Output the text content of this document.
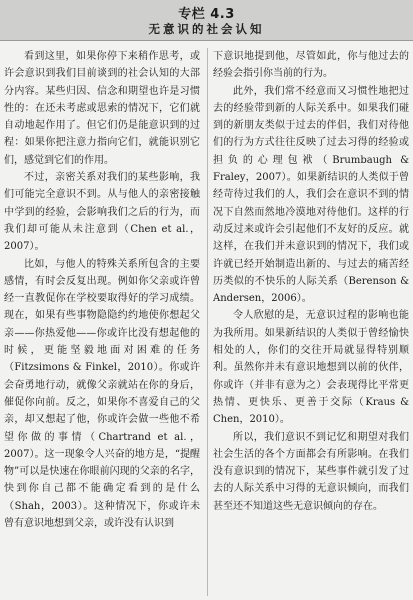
专栏 4.3
无意识的社会认知

看到这里，如果你停下来稍作思考，或许会意识到我们目前谈到的社会认知的大部分内容。某些归因、信念和期望也许是习惯性的：在还未考虑或思索的情况下，它们就自动地起作用了。但它们仍是能意识到的过程：如果你把注意力指向它们，就能识别它们，感觉到它们的作用。

不过，亲密关系对我们的某些影响，我们可能完全意识不到。从与他人的亲密接触中学到的经验，会影响我们之后的行为，而我们却可能从未注意到（Chen et al.，2007）。

比如，与他人的特殊关系所包含的主要感情，有时会反复出现。例如你父亲或许曾经一直教促你在学校要取得好的学习成绩。现在，如果有些事物隐隐约约地使你想起父亲——你热爱他——你或许比没有想起他的时候，更能坚毅地面对困难的任务（Fitzsimons & Finkel，2010）。你或许会奋勇地行动，就像父亲就站在你的身后，催促你向前。反之，如果你不喜爱自己的父亲，却又想起了他，你或许会做一些他不希望你做的事情（Chartrand et al.，2007）。这一现象令人兴奋的地方是，“提醒物”可以是快速在你眼前闪现的父亲的名字，快到你自己都不能确定看到的是什么（Shah，2003）。这种情况下，你或许未曾有意识地想到父亲，或许没有认识到

下意识地提到他，尽管如此，你与他过去的经验会指引你当前的行为。

此外，我们常不经意而又习惯性地把过去的经验带到新的人际关系中。如果我们碰到的新朋友类似于过去的伴侣，我们对待他们的行为方式往往反映了过去习得的经验或担负的心理包袱（Brumbaugh & Fraley，2007）。如果新结识的人类似于曾经苛待过我们的人，我们会在意识不到的情况下自然而然地冷漠地对待他们。这样的行动反过来或许会引起他们不友好的反应。就这样，在我们并未意识到的情况下，我们或许就已经开始制造出新的、与过去的痛苦经历类似的不快乐的人际关系（Berenson & Andersen，2006）。

令人欣慰的是，无意识过程的影响也能为我所用。如果新结识的人类似于曾经愉快相处的人，你们的交往开局就显得特别顺利。虽然你并未有意识地想到以前的伙伴，你或许（并非有意为之）会表现得比平常更热情、更快乐、更善于交际（Kraus & Chen，2010）。

所以，我们意识不到记忆和期望对我们社会生活的各个方面都会有所影响。在我们没有意识到的情况下，某些事件就引发了过去的人际关系中习得的无意识倾向，而我们甚至还不知道这些无意识倾向的存在。
